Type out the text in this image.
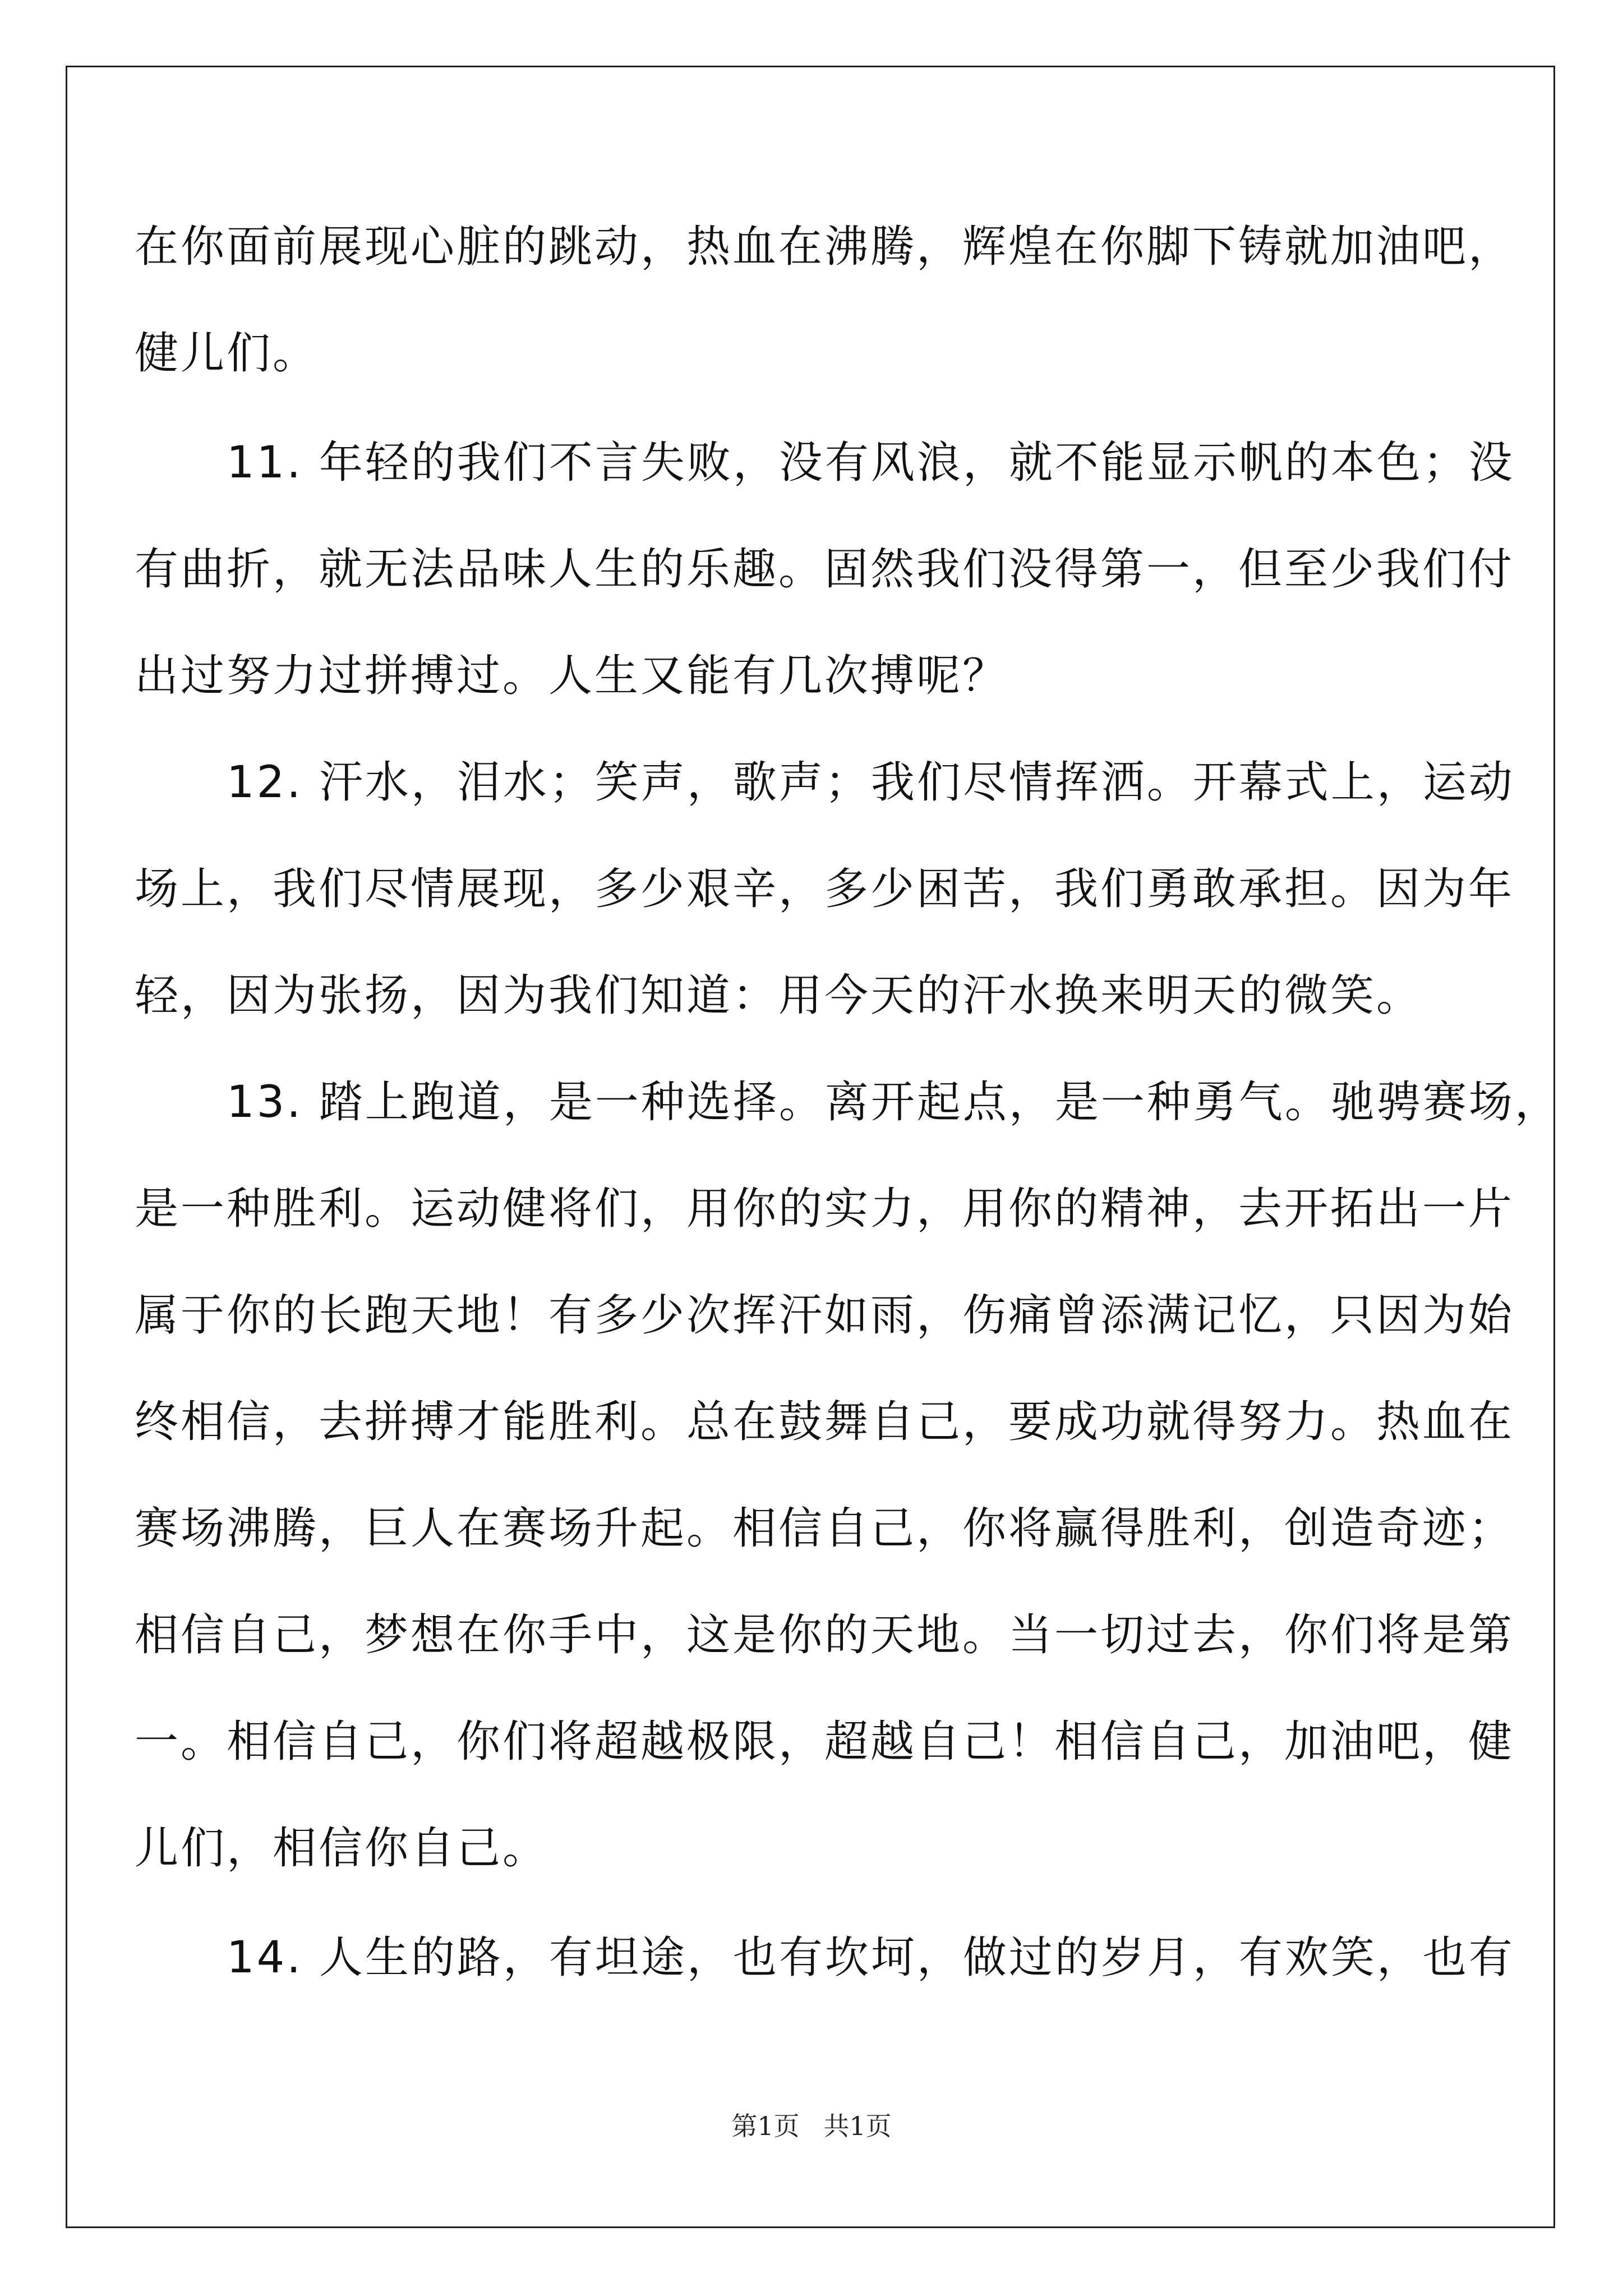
在你面前展现心脏的跳动，热血在沸腾，辉煌在你脚下铸就加油吧，
健儿们。
　　11. 年轻的我们不言失败，没有风浪，就不能显示帆的本色；没
有曲折，就无法品味人生的乐趣。固然我们没得第一，但至少我们付
出过努力过拼搏过。人生又能有几次搏呢？
　　12. 汗水，泪水；笑声，歌声；我们尽情挥洒。开幕式上，运动
场上，我们尽情展现，多少艰辛，多少困苦，我们勇敢承担。因为年
轻，因为张扬，因为我们知道：用今天的汗水换来明天的微笑。
　　13. 踏上跑道，是一种选择。离开起点，是一种勇气。驰骋赛场，
是一种胜利。运动健将们，用你的实力，用你的精神，去开拓出一片
属于你的长跑天地！有多少次挥汗如雨，伤痛曾添满记忆，只因为始
终相信，去拼搏才能胜利。总在鼓舞自己，要成功就得努力。热血在
赛场沸腾，巨人在赛场升起。相信自己，你将赢得胜利，创造奇迹；
相信自己，梦想在你手中，这是你的天地。当一切过去，你们将是第
一。相信自己，你们将超越极限，超越自己！相信自己，加油吧，健
儿们，相信你自己。
　　14. 人生的路，有坦途，也有坎坷，做过的岁月，有欢笑，也有
第1页 共1页
